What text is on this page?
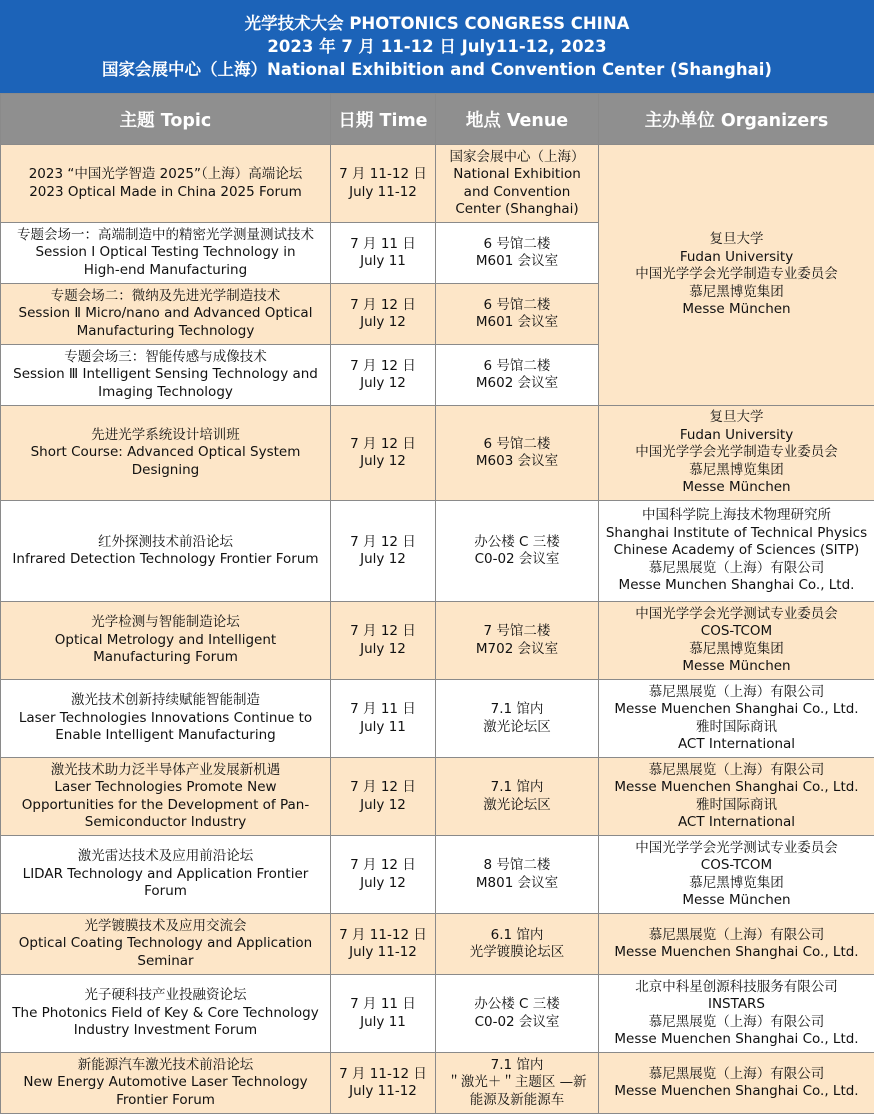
光学技术大会 PHOTONICS CONGRESS CHINA
2023 年 7 月 11-12 日 July11-12, 2023
国家会展中心（上海）National Exhibition and Convention Center (Shanghai)
主题 Topic	日期 Time	地点 Venue	主办单位 Organizers

2023 “中国光学智造 2025”（上海）高端论坛
2023 Optical Made in China 2025 Forum	7 月 11-12 日
July 11-12	国家会展中心（上海）
National Exhibition
and Convention
Center (Shanghai)	复旦大学
Fudan University
中国光学学会光学制造专业委员会
慕尼黑博览集团
Messe München

专题会场一：高端制造中的精密光学测量测试技术
Session Ⅰ Optical Testing Technology in
High-end Manufacturing	7 月 11 日
July 11	6 号馆二楼
M601 会议室	

专题会场二：微纳及先进光学制造技术
Session Ⅱ Micro/nano and Advanced Optical
Manufacturing Technology	7 月 12 日
July 12	6 号馆二楼
M601 会议室	

专题会场三：智能传感与成像技术
Session Ⅲ Intelligent Sensing Technology and
Imaging Technology	7 月 12 日
July 12	6 号馆二楼
M602 会议室	

先进光学系统设计培训班
Short Course: Advanced Optical System
Designing	7 月 12 日
July 12	6 号馆二楼
M603 会议室	复旦大学
Fudan University
中国光学学会光学制造专业委员会
慕尼黑博览集团
Messe München

红外探测技术前沿论坛
Infrared Detection Technology Frontier Forum	7 月 12 日
July 12	办公楼 C 三楼
C0-02 会议室	中国科学院上海技术物理研究所
Shanghai Institute of Technical Physics
Chinese Academy of Sciences (SITP)
慕尼黑展览（上海）有限公司
Messe Munchen Shanghai Co., Ltd.

光学检测与智能制造论坛
Optical Metrology and Intelligent
Manufacturing Forum	7 月 12 日
July 12	7 号馆二楼
M702 会议室	中国光学学会光学测试专业委员会
COS-TCOM
慕尼黑博览集团
Messe München

激光技术创新持续赋能智能制造
Laser Technologies Innovations Continue to
Enable Intelligent Manufacturing	7 月 11 日
July 11	7.1 馆内
激光论坛区	慕尼黑展览（上海）有限公司
Messe Muenchen Shanghai Co., Ltd.
雅时国际商讯
ACT International

激光技术助力泛半导体产业发展新机遇
Laser Technologies Promote New
Opportunities for the Development of Pan-
Semiconductor Industry	7 月 12 日
July 12	7.1 馆内
激光论坛区	慕尼黑展览（上海）有限公司
Messe Muenchen Shanghai Co., Ltd.
雅时国际商讯
ACT International

激光雷达技术及应用前沿论坛
LIDAR Technology and Application Frontier
Forum	7 月 12 日
July 12	8 号馆二楼
M801 会议室	中国光学学会光学测试专业委员会
COS-TCOM
慕尼黑博览集团
Messe München

光学镀膜技术及应用交流会
Optical Coating Technology and Application
Seminar	7 月 11-12 日
July 11-12	6.1 馆内
光学镀膜论坛区	慕尼黑展览（上海）有限公司
Messe Muenchen Shanghai Co., Ltd.

光子硬科技产业投融资论坛
The Photonics Field of Key & Core Technology
Industry Investment Forum	7 月 11 日
July 11	办公楼 C 三楼
C0-02 会议室	北京中科星创源科技服务有限公司
INSTARS
慕尼黑展览（上海）有限公司
Messe Muenchen Shanghai Co., Ltd.

新能源汽车激光技术前沿论坛
New Energy Automotive Laser Technology
Frontier Forum	7 月 11-12 日
July 11-12	7.1 馆内
＂激光＋＂主题区 —新
能源及新能源车	慕尼黑展览（上海）有限公司
Messe Muenchen Shanghai Co., Ltd.
